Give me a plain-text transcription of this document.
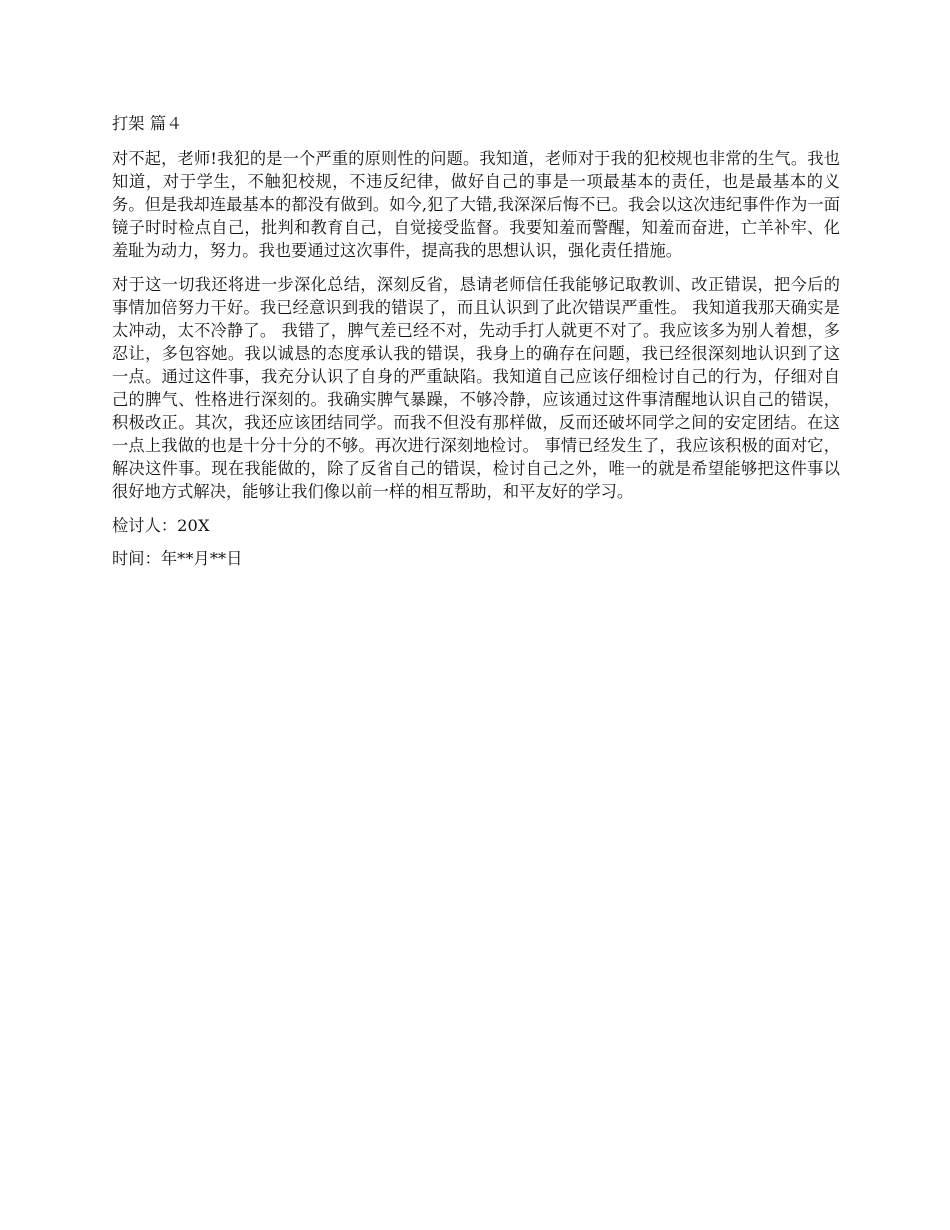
打架 篇４

对不起，老师!我犯的是一个严重的原则性的问题。我知道，老师对于我的犯校规也非常的生气。我也知道，对于学生，不触犯校规，不违反纪律，做好自己的事是一项最基本的责任，也是最基本的义务。但是我却连最基本的都没有做到。如今,犯了大错,我深深后悔不已。我会以这次违纪事件作为一面镜子时时检点自己，批判和教育自己，自觉接受监督。我要知羞而警醒，知羞而奋进，亡羊补牢、化羞耻为动力，努力。我也要通过这次事件，提高我的思想认识，强化责任措施。

对于这一切我还将进一步深化总结，深刻反省，恳请老师信任我能够记取教训、改正错误，把今后的事情加倍努力干好。我已经意识到我的错误了，而且认识到了此次错误严重性。 我知道我那天确实是太冲动，太不冷静了。 我错了，脾气差已经不对，先动手打人就更不对了。我应该多为别人着想，多忍让，多包容她。我以诚恳的态度承认我的错误，我身上的确存在问题，我已经很深刻地认识到了这一点。通过这件事，我充分认识了自身的严重缺陷。我知道自己应该仔细检讨自己的行为，仔细对自己的脾气、性格进行深刻的。我确实脾气暴躁，不够冷静，应该通过这件事清醒地认识自己的错误，积极改正。其次，我还应该团结同学。而我不但没有那样做，反而还破坏同学之间的安定团结。在这一点上我做的也是十分十分的不够。再次进行深刻地检讨。 事情已经发生了，我应该积极的面对它，解决这件事。现在我能做的，除了反省自己的错误，检讨自己之外，唯一的就是希望能够把这件事以很好地方式解决，能够让我们像以前一样的相互帮助，和平友好的学习。

检讨人：20X

时间：年**月**日
